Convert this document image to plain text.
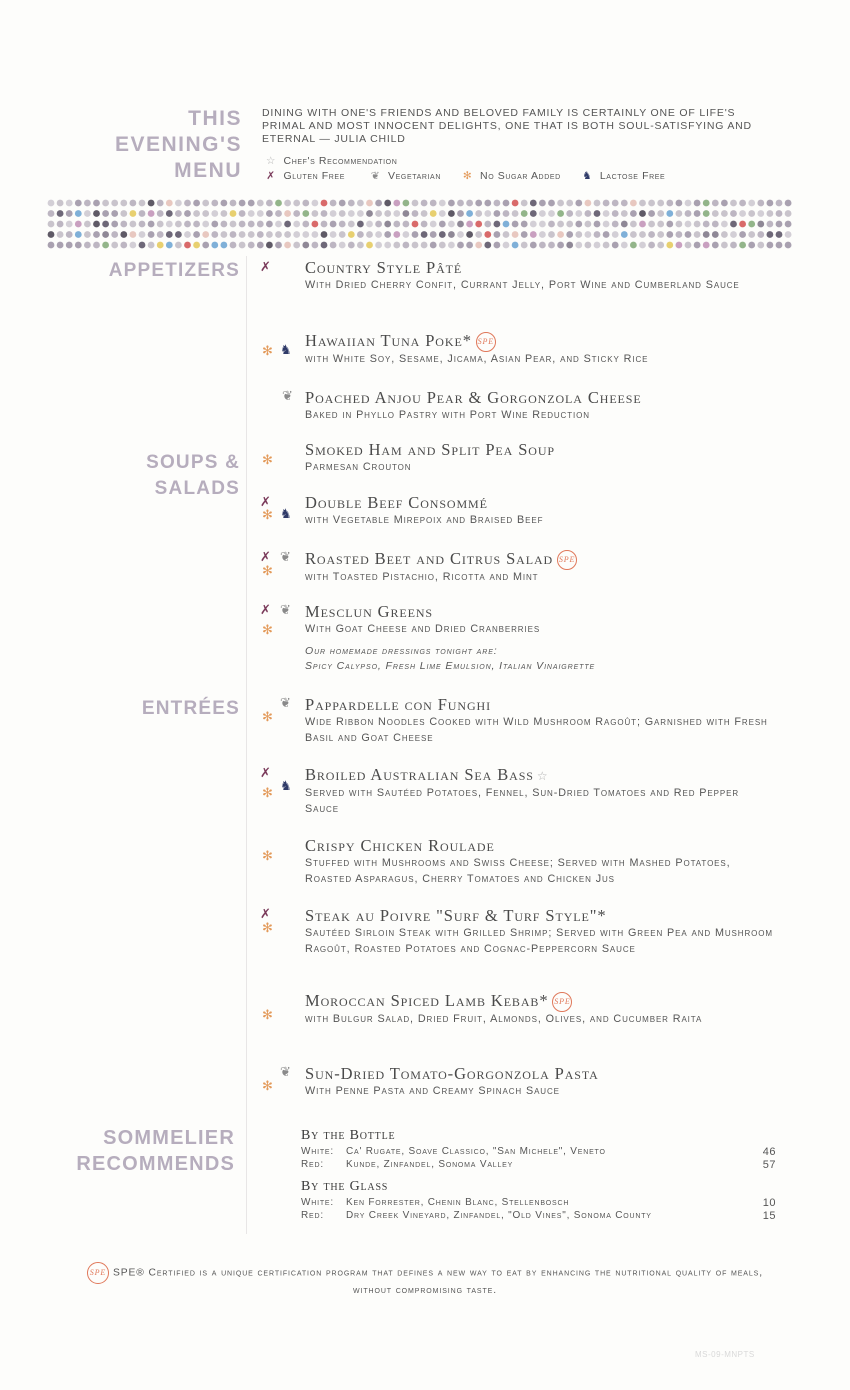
THIS
EVENING'S
MENU
DINING WITH ONE'S FRIENDS AND BELOVED FAMILY IS CERTAINLY ONE OF LIFE'S PRIMAL AND MOST INNOCENT DELIGHTS, ONE THAT IS BOTH SOUL-SATISFYING AND ETERNAL — JULIA CHILD
☆ Chef's Recommendation
✗ Gluten Free ❦ Vegetarian ✻ No Sugar Added ♞ Lactose Free
APPETIZERS
SOUPS &
SALADS
ENTRÉES
SOMMELIER
RECOMMENDS
✗ Country Style Pâté
With Dried Cherry Confit, Currant Jelly, Port Wine and Cumberland Sauce
✻ ♞
Hawaiian Tuna Poke* SPE
with White Soy, Sesame, Jicama, Asian Pear, and Sticky Rice
❦ Poached Anjou Pear & Gorgonzola Cheese
Baked in Phyllo Pastry with Port Wine Reduction
✻
Smoked Ham and Split Pea Soup
Parmesan Crouton
✗
✻ ♞
Double Beef Consommé
with Vegetable Mirepoix and Braised Beef
✗ ❦
✻
Roasted Beet and Citrus Salad SPE
with Toasted Pistachio, Ricotta and Mint
✗ ❦
✻
Mesclun Greens
With Goat Cheese and Dried Cranberries
Our homemade dressings tonight are:
Spicy Calypso, Fresh Lime Emulsion, Italian Vinaigrette
❦
✻
Pappardelle con Funghi
Wide Ribbon Noodles Cooked with Wild Mushroom Ragoût; Garnished with Fresh Basil and Goat Cheese
✗
♞
✻
Broiled Australian Sea Bass ☆
Served with Sautéed Potatoes, Fennel, Sun-Dried Tomatoes and Red Pepper Sauce
✻
Crispy Chicken Roulade
Stuffed with Mushrooms and Swiss Cheese; Served with Mashed Potatoes, Roasted Asparagus, Cherry Tomatoes and Chicken Jus
✗
✻
Steak au Poivre "Surf & Turf Style"*
Sautéed Sirloin Steak with Grilled Shrimp; Served with Green Pea and Mushroom Ragoût, Roasted Potatoes and Cognac-Peppercorn Sauce
✻
Moroccan Spiced Lamb Kebab* SPE
with Bulgur Salad, Dried Fruit, Almonds, Olives, and Cucumber Raita
❦
✻
Sun-Dried Tomato-Gorgonzola Pasta
With Penne Pasta and Creamy Spinach Sauce
By the Bottle
White: Ca' Rugate, Soave Classico, "San Michele", Veneto	46
Red: Kunde, Zinfandel, Sonoma Valley	57
By the Glass
White: Ken Forrester, Chenin Blanc, Stellenbosch	10
Red: Dry Creek Vineyard, Zinfandel, "Old Vines", Sonoma County	15
SPE SPE® Certified is a unique certification program that defines a new way to eat by enhancing the nutritional quality of meals, without compromising taste.
MS-09-MNPTS
